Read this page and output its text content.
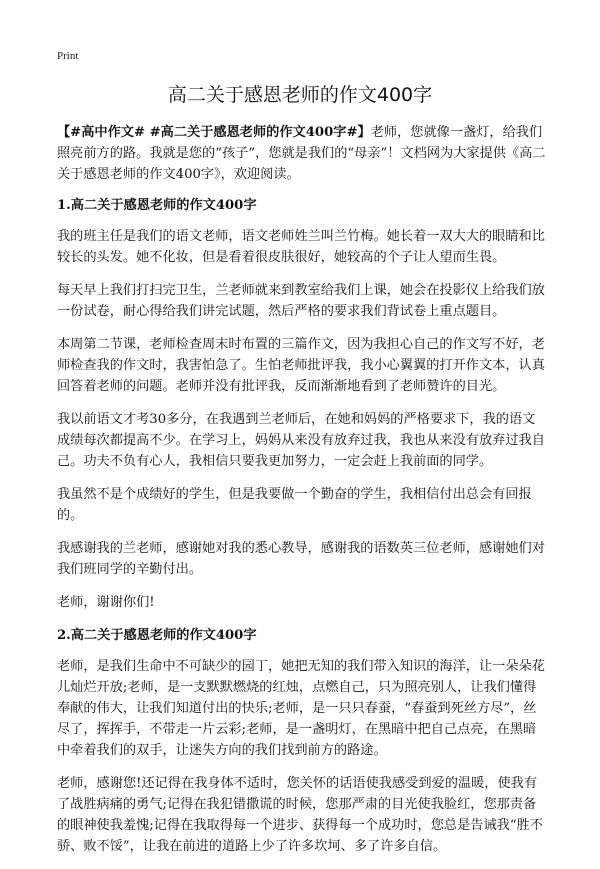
Print
高二关于感恩老师的作文400字

【#高中作文# #高二关于感恩老师的作文400字#】老师，您就像一盏灯，给我们照亮前方的路。我就是您的“孩子”，您就是我们的“母亲”！文档网为大家提供《高二关于感恩老师的作文400字》，欢迎阅读。

1.高二关于感恩老师的作文400字

我的班主任是我们的语文老师，语文老师姓兰叫兰竹梅。她长着一双大大的眼睛和比较长的头发。她不化妆，但是看着很皮肤很好，她较高的个子让人望而生畏。

每天早上我们打扫完卫生，兰老师就来到教室给我们上课，她会在投影仪上给我们放一份试卷，耐心得给我们讲完试题，然后严格的要求我们背试卷上重点题目。

本周第二节课，老师检查周末时布置的三篇作文，因为我担心自己的作文写不好，老师检查我的作文时，我害怕急了。生怕老师批评我，我小心翼翼的打开作文本，认真回答着老师的问题。老师并没有批评我，反而渐渐地看到了老师赞许的目光。

我以前语文才考30多分，在我遇到兰老师后，在她和妈妈的严格要求下，我的语文成绩每次都提高不少。在学习上，妈妈从来没有放弃过我，我也从来没有放弃过我自己。功夫不负有心人，我相信只要我更加努力，一定会赶上我前面的同学。

我虽然不是个成绩好的学生，但是我要做一个勤奋的学生，我相信付出总会有回报的。

我感谢我的兰老师，感谢她对我的悉心教导，感谢我的语数英三位老师，感谢她们对我们班同学的辛勤付出。

老师，谢谢你们!

2.高二关于感恩老师的作文400字

老师，是我们生命中不可缺少的园丁，她把无知的我们带入知识的海洋，让一朵朵花儿灿烂开放;老师，是一支默默燃烧的红烛，点燃自己，只为照亮别人，让我们懂得奉献的伟大，让我们知道付出的快乐;老师，是一只只春蚕，“春蚕到死丝方尽”，丝尽了，挥挥手，不带走一片云彩;老师，是一盏明灯，在黑暗中把自己点亮，在黑暗中牵着我们的双手，让迷失方向的我们找到前方的路途。

老师，感谢您!还记得在我身体不适时，您关怀的话语使我感受到爱的温暖，使我有了战胜病痛的勇气;记得在我犯错撒谎的时候，您那严肃的目光使我脸红，您那责备的眼神使我羞愧;记得在我取得每一个进步、获得每一个成功时，您总是告诫我“胜不骄、败不馁”，让我在前进的道路上少了许多坎坷、多了许多自信。
